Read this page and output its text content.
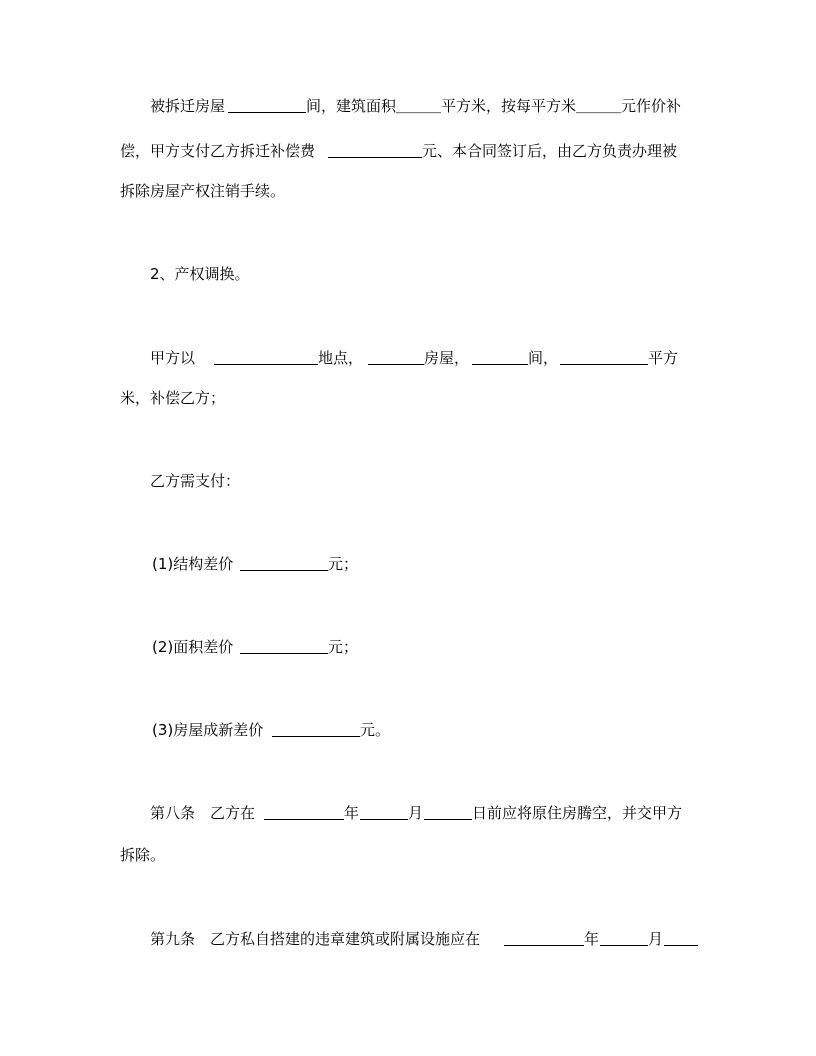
被拆迁房屋	间，建筑面积＿＿＿平方米，按每平方米＿＿＿元作价补
偿，甲方支付乙方拆迁补偿费	元、本合同签订后，由乙方负责办理被
拆除房屋产权注销手续。
2、产权调换。
甲方以	地点，	房屋，	间，	平方
米，补偿乙方；
乙方需支付：
(1)结构差价	元；
(2)面积差价	元；
(3)房屋成新差价	元。
第八条　乙方在	年	月	日前应将原住房腾空，并交甲方
拆除。
第九条　乙方私自搭建的违章建筑或附属设施应在	年	月
